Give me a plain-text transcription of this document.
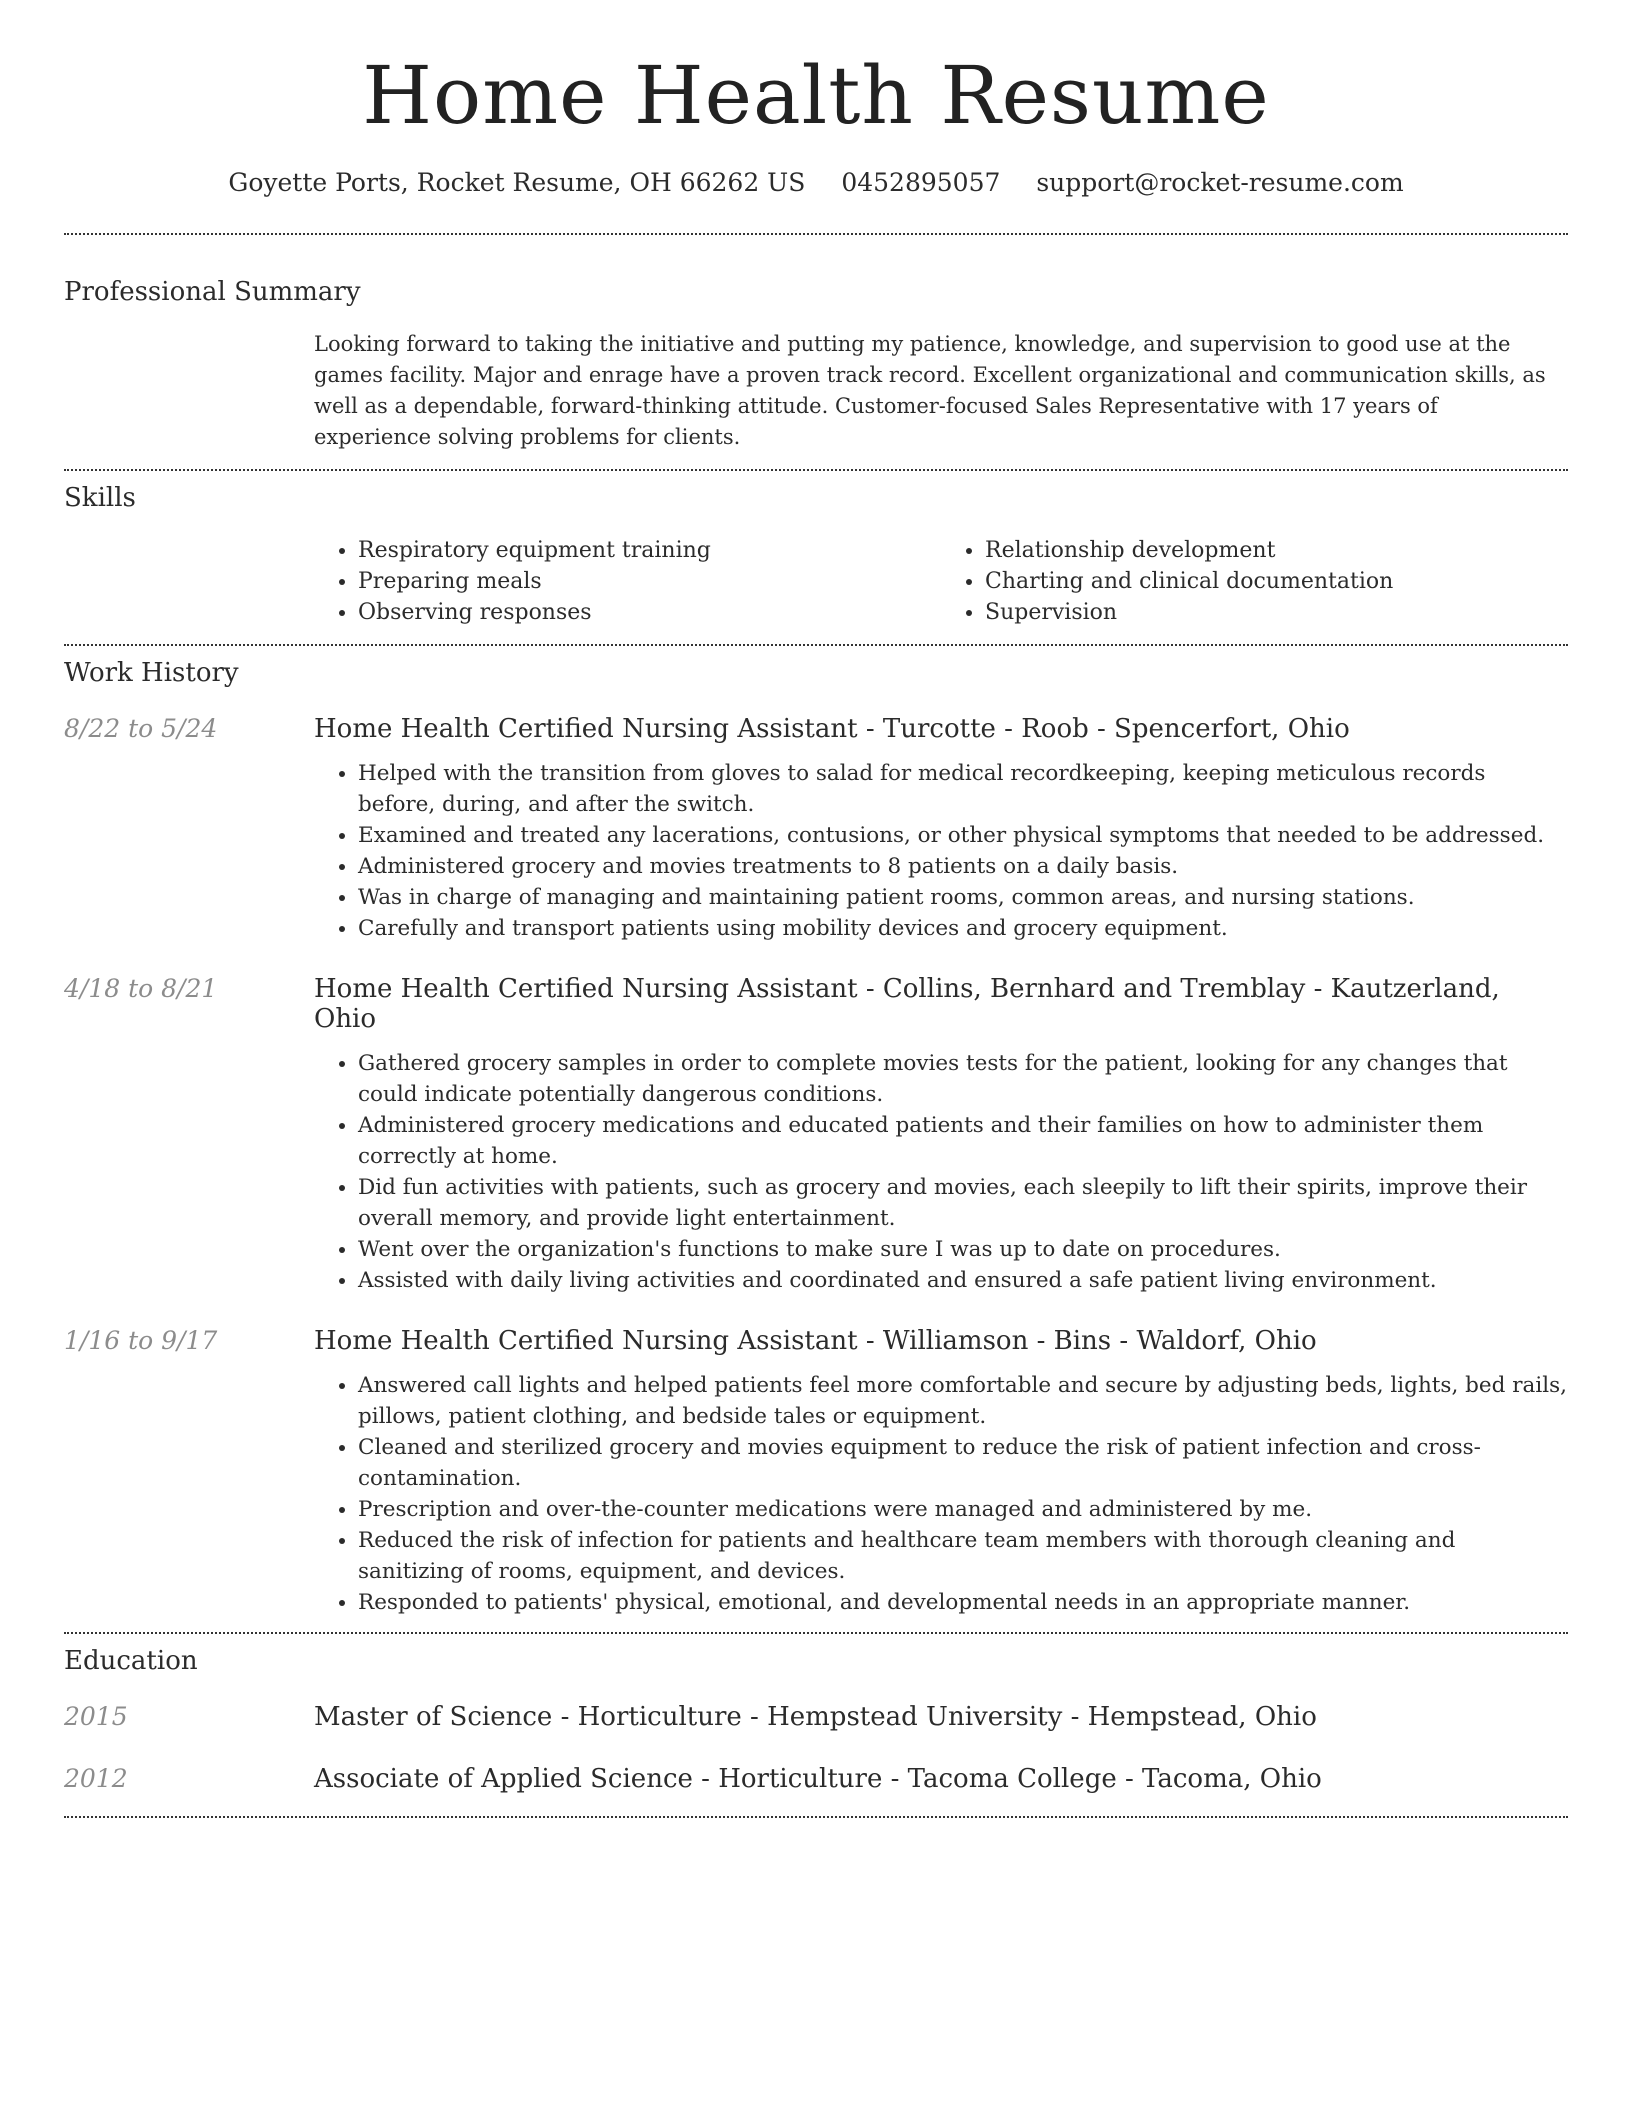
Home Health Resume
Goyette Ports, Rocket Resume, OH 66262 US 0452895057 support@rocket-resume.com
Professional Summary

Looking forward to taking the initiative and putting my patience, knowledge, and supervision to good use at the games facility. Major and enrage have a proven track record. Excellent organizational and communication skills, as well as a dependable, forward-thinking attitude. Customer-focused Sales Representative with 17 years of experience solving problems for clients.

Skills
• Respiratory equipment training
• Preparing meals
• Observing responses
• Relationship development
• Charting and clinical documentation
• Supervision
Work History
8/22 to 5/24	Home Health Certified Nursing Assistant - Turcotte - Roob - Spencerfort, Ohio
• Helped with the transition from gloves to salad for medical recordkeeping, keeping meticulous records before, during, and after the switch.
• Examined and treated any lacerations, contusions, or other physical symptoms that needed to be addressed.
• Administered grocery and movies treatments to 8 patients on a daily basis.
• Was in charge of managing and maintaining patient rooms, common areas, and nursing stations.
• Carefully and transport patients using mobility devices and grocery equipment.
4/18 to 8/21	Home Health Certified Nursing Assistant - Collins, Bernhard and Tremblay - Kautzerland, Ohio
• Gathered grocery samples in order to complete movies tests for the patient, looking for any changes that could indicate potentially dangerous conditions.
• Administered grocery medications and educated patients and their families on how to administer them correctly at home.
• Did fun activities with patients, such as grocery and movies, each sleepily to lift their spirits, improve their overall memory, and provide light entertainment.
• Went over the organization's functions to make sure I was up to date on procedures.
• Assisted with daily living activities and coordinated and ensured a safe patient living environment.
1/16 to 9/17	Home Health Certified Nursing Assistant - Williamson - Bins - Waldorf, Ohio
• Answered call lights and helped patients feel more comfortable and secure by adjusting beds, lights, bed rails, pillows, patient clothing, and bedside tales or equipment.
• Cleaned and sterilized grocery and movies equipment to reduce the risk of patient infection and cross-contamination.
• Prescription and over-the-counter medications were managed and administered by me.
• Reduced the risk of infection for patients and healthcare team members with thorough cleaning and sanitizing of rooms, equipment, and devices.
• Responded to patients' physical, emotional, and developmental needs in an appropriate manner.
Education
2015	Master of Science - Horticulture - Hempstead University - Hempstead, Ohio
2012	Associate of Applied Science - Horticulture - Tacoma College - Tacoma, Ohio
